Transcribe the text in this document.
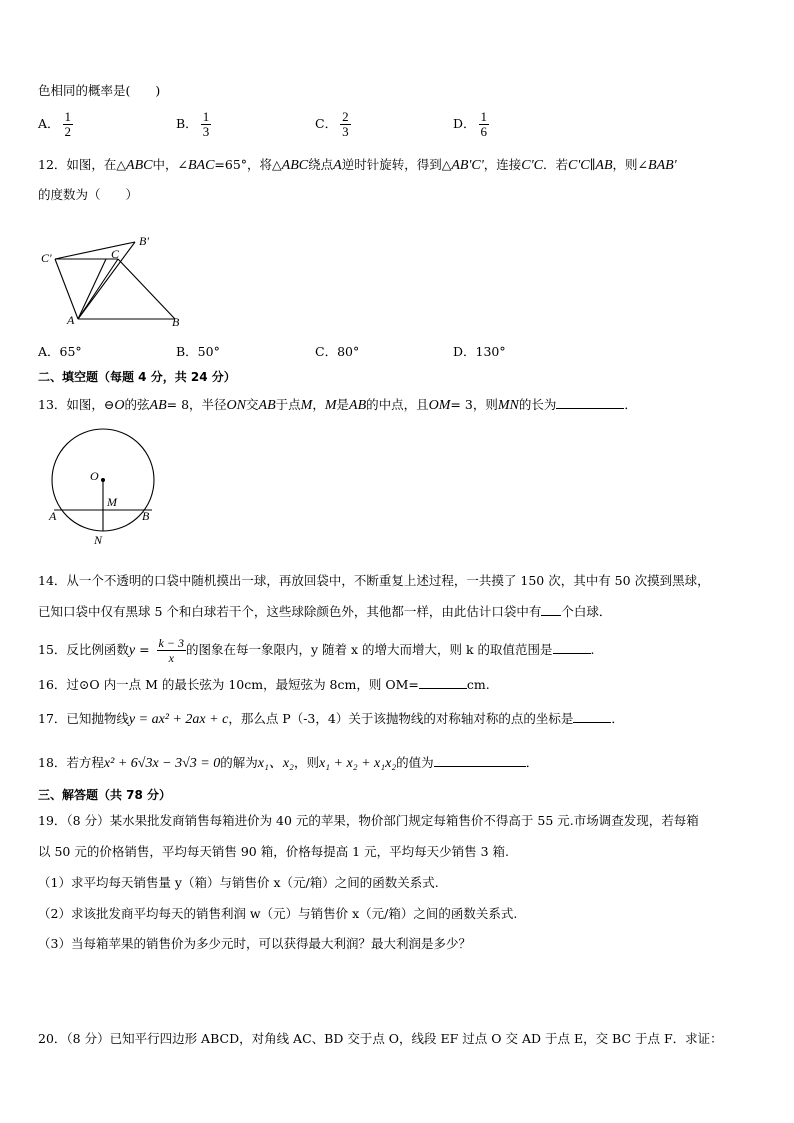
色相同的概率是(　　)
A． $\frac{1}{2}$	B． $\frac{1}{3}$	C． $\frac{2}{3}$	D． $\frac{1}{6}$
12．如图，在△ABC中，∠BAC=65°，将△ABC绕点A逆时针旋转，得到△AB'C'，连接C'C．若C'C∥AB，则∠BAB'
的度数为（　　）
C'
B'
C
A	B
A．65°	B．50°	C．80°	D．130°
二、填空题（每题 4 分，共 24 分）
13．如图，⊖O的弦AB= 8，半径ON交AB于点M，M是AB的中点，且OM= 3，则MN的长为	．
O
M
A	B
N
14．从一个不透明的口袋中随机摸出一球，再放回袋中，不断重复上述过程，一共摸了 150 次，其中有 50 次摸到黑球，
已知口袋中仅有黑球 5 个和白球若干个，这些球除颜色外，其他都一样，由此估计口袋中有 个白球．
15．反比例函数$y = \frac{k - 3}{x}$ 的图象在每一象限内，y 随着 x 的增大而增大，则 k 的取值范围是	.
16．过⊙O 内一点 M 的最长弦为 10cm，最短弦为 8cm，则 OM=	cm.
17．已知抛物线y = ax² + 2ax + c，那么点 P（-3，4）关于该抛物线的对称轴对称的点的坐标是	．
18．若方程x² + 6√3x − 3√3 = 0的解为x₁、x₂，则x₁ + x₂ + x₁x₂的值为	．
三、解答题（共 78 分）
19．（8 分）某水果批发商销售每箱进价为 40 元的苹果，物价部门规定每箱售价不得高于 55 元.市场调查发现，若每箱
以 50 元的价格销售，平均每天销售 90 箱，价格每提高 1 元，平均每天少销售 3 箱.
（1）求平均每天销售量 y（箱）与销售价 x（元/箱）之间的函数关系式.
（2）求该批发商平均每天的销售利润 w（元）与销售价 x（元/箱）之间的函数关系式.
（3）当每箱苹果的销售价为多少元时，可以获得最大利润？最大利润是多少？
20．（8 分）已知平行四边形 ABCD，对角线 AC、BD 交于点 O，线段 EF 过点 O 交 AD 于点 E，交 BC 于点 F．求证：
